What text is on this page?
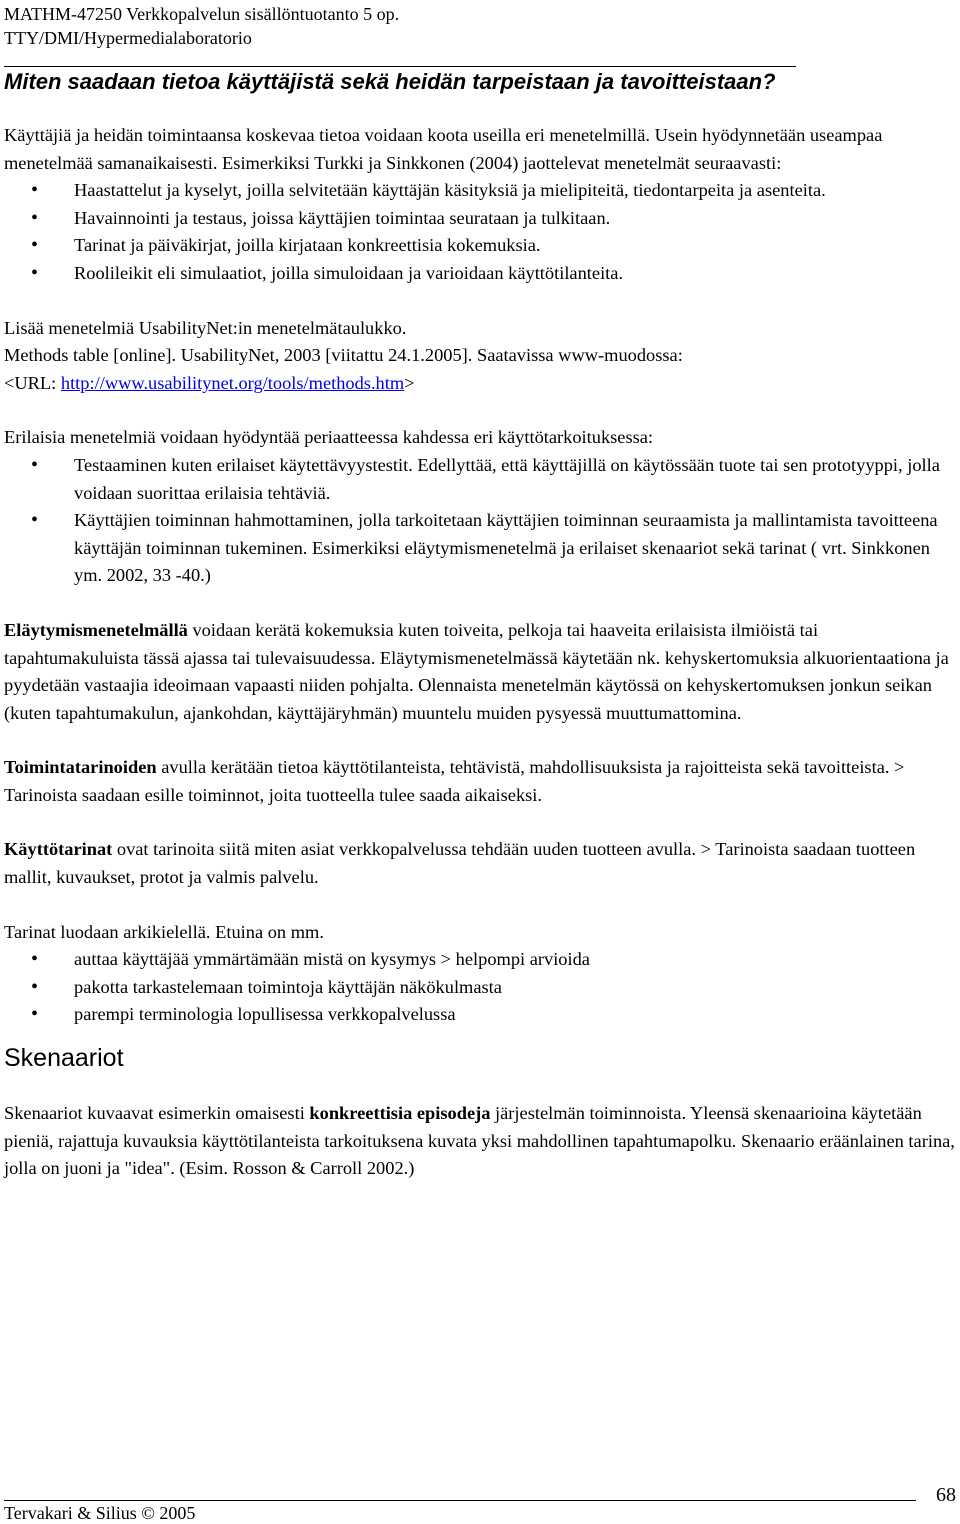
MATHM-47250 Verkkopalvelun sisällöntuotanto 5 op.
TTY/DMI/Hypermedialaboratorio
Miten saadaan tietoa käyttäjistä sekä heidän tarpeistaan ja tavoitteistaan?

Käyttäjiä ja heidän toimintaansa koskevaa tietoa voidaan koota useilla eri menetelmillä. Usein hyödynnetään useampaa menetelmää samanaikaisesti. Esimerkiksi Turkki ja Sinkkonen (2004) jaottelevat menetelmät seuraavasti:

• Haastattelut ja kyselyt, joilla selvitetään käyttäjän käsityksiä ja mielipiteitä, tiedontarpeita ja asenteita.
• Havainnointi ja testaus, joissa käyttäjien toimintaa seurataan ja tulkitaan.
• Tarinat ja päiväkirjat, joilla kirjataan konkreettisia kokemuksia.
• Roolileikit eli simulaatiot, joilla simuloidaan ja varioidaan käyttötilanteita.

Lisää menetelmiä UsabilityNet:in menetelmätaulukko.

Methods table [online]. UsabilityNet, 2003 [viitattu 24.1.2005]. Saatavissa www-muodossa:

<URL: http://www.usabilitynet.org/tools/methods.htm>

Erilaisia menetelmiä voidaan hyödyntää periaatteessa kahdessa eri käyttötarkoituksessa:

• Testaaminen kuten erilaiset käytettävyystestit. Edellyttää, että käyttäjillä on käytössään tuote tai sen prototyyppi, jolla voidaan suorittaa erilaisia tehtäviä.
• Käyttäjien toiminnan hahmottaminen, jolla tarkoitetaan käyttäjien toiminnan seuraamista ja mallintamista tavoitteena käyttäjän toiminnan tukeminen. Esimerkiksi eläytymismenetelmä ja erilaiset skenaariot sekä tarinat ( vrt. Sinkkonen ym. 2002, 33 -40.)

Eläytymismenetelmällä voidaan kerätä kokemuksia kuten toiveita, pelkoja tai haaveita erilaisista ilmiöistä tai tapahtumakuluista tässä ajassa tai tulevaisuudessa. Eläytymismenetelmässä käytetään nk. kehyskertomuksia alkuorientaationa ja pyydetään vastaajia ideoimaan vapaasti niiden pohjalta. Olennaista menetelmän käytössä on kehyskertomuksen jonkun seikan (kuten tapahtumakulun, ajankohdan, käyttäjäryhmän) muuntelu muiden pysyessä muuttumattomina.

Toimintatarinoiden avulla kerätään tietoa käyttötilanteista, tehtävistä, mahdollisuuksista ja rajoitteista sekä tavoitteista. > Tarinoista saadaan esille toiminnot, joita tuotteella tulee saada aikaiseksi.

Käyttötarinat ovat tarinoita siitä miten asiat verkkopalvelussa tehdään uuden tuotteen avulla. > Tarinoista saadaan tuotteen mallit, kuvaukset, protot ja valmis palvelu.

Tarinat luodaan arkikielellä. Etuina on mm.

• auttaa käyttäjää ymmärtämään mistä on kysymys > helpompi arvioida
• pakotta tarkastelemaan toimintoja käyttäjän näkökulmasta
• parempi terminologia lopullisessa verkkopalvelussa
Skenaariot

Skenaariot kuvaavat esimerkin omaisesti konkreettisia episodeja järjestelmän toiminnoista. Yleensä skenaarioina käytetään pieniä, rajattuja kuvauksia käyttötilanteista tarkoituksena kuvata yksi mahdollinen tapahtumapolku. Skenaario eräänlainen tarina, jolla on juoni ja "idea". (Esim. Rosson & Carroll 2002.)

68
Tervakari & Silius © 2005
